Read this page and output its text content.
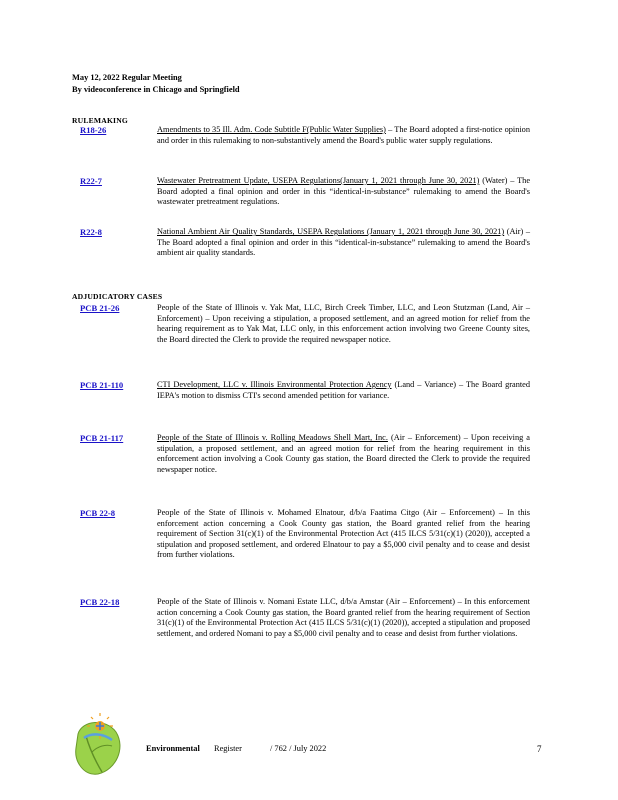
May 12, 2022 Regular Meeting
By videoconference in Chicago and Springfield
RULEMAKING
R18-26	Amendments to 35 Ill. Adm. Code Subtitle F(Public Water Supplies) – The Board adopted a first-notice opinion and order in this rulemaking to non-substantively amend the Board's public water supply regulations.
R22-7	Wastewater Pretreatment Update, USEPA Regulations(January 1, 2021 through June 30, 2021) (Water) – The Board adopted a final opinion and order in this “identical-in-substance” rulemaking to amend the Board's wastewater pretreatment regulations.
R22-8	National Ambient Air Quality Standards, USEPA Regulations (January 1, 2021 through June 30, 2021) (Air) – The Board adopted a final opinion and order in this “identical-in-substance” rulemaking to amend the Board's ambient air quality standards.
ADJUDICATORY CASES
PCB 21-26	People of the State of Illinois v. Yak Mat, LLC, Birch Creek Timber, LLC, and Leon Stutzman (Land, Air – Enforcement) – Upon receiving a stipulation, a proposed settlement, and an agreed motion for relief from the hearing requirement as to Yak Mat, LLC only, in this enforcement action involving two Greene County sites, the Board directed the Clerk to provide the required newspaper notice.
PCB 21-110	CTI Development, LLC v. Illinois Environmental Protection Agency (Land – Variance) – The Board granted IEPA's motion to dismiss CTI's second amended petition for variance.
PCB 21-117	People of the State of Illinois v. Rolling Meadows Shell Mart, Inc. (Air – Enforcement) – Upon receiving a stipulation, a proposed settlement, and an agreed motion for relief from the hearing requirement in this enforcement action involving a Cook County gas station, the Board directed the Clerk to provide the required newspaper notice.
PCB 22-8	People of the State of Illinois v. Mohamed Elnatour, d/b/a Faatima Citgo (Air – Enforcement) – In this enforcement action concerning a Cook County gas station, the Board granted relief from the hearing requirement of Section 31(c)(1) of the Environmental Protection Act (415 ILCS 5/31(c)(1) (2020)), accepted a stipulation and proposed settlement, and ordered Elnatour to pay a $5,000 civil penalty and to cease and desist from further violations.
PCB 22-18	People of the State of Illinois v. Nomani Estate LLC, d/b/a Amstar (Air – Enforcement) – In this enforcement action concerning a Cook County gas station, the Board granted relief from the hearing requirement of Section 31(c)(1) of the Environmental Protection Act (415 ILCS 5/31(c)(1) (2020)), accepted a stipulation and proposed settlement, and ordered Nomani to pay a $5,000 civil penalty and to cease and desist from further violations.
Environmental Register	/ 762 / July 2022	7
